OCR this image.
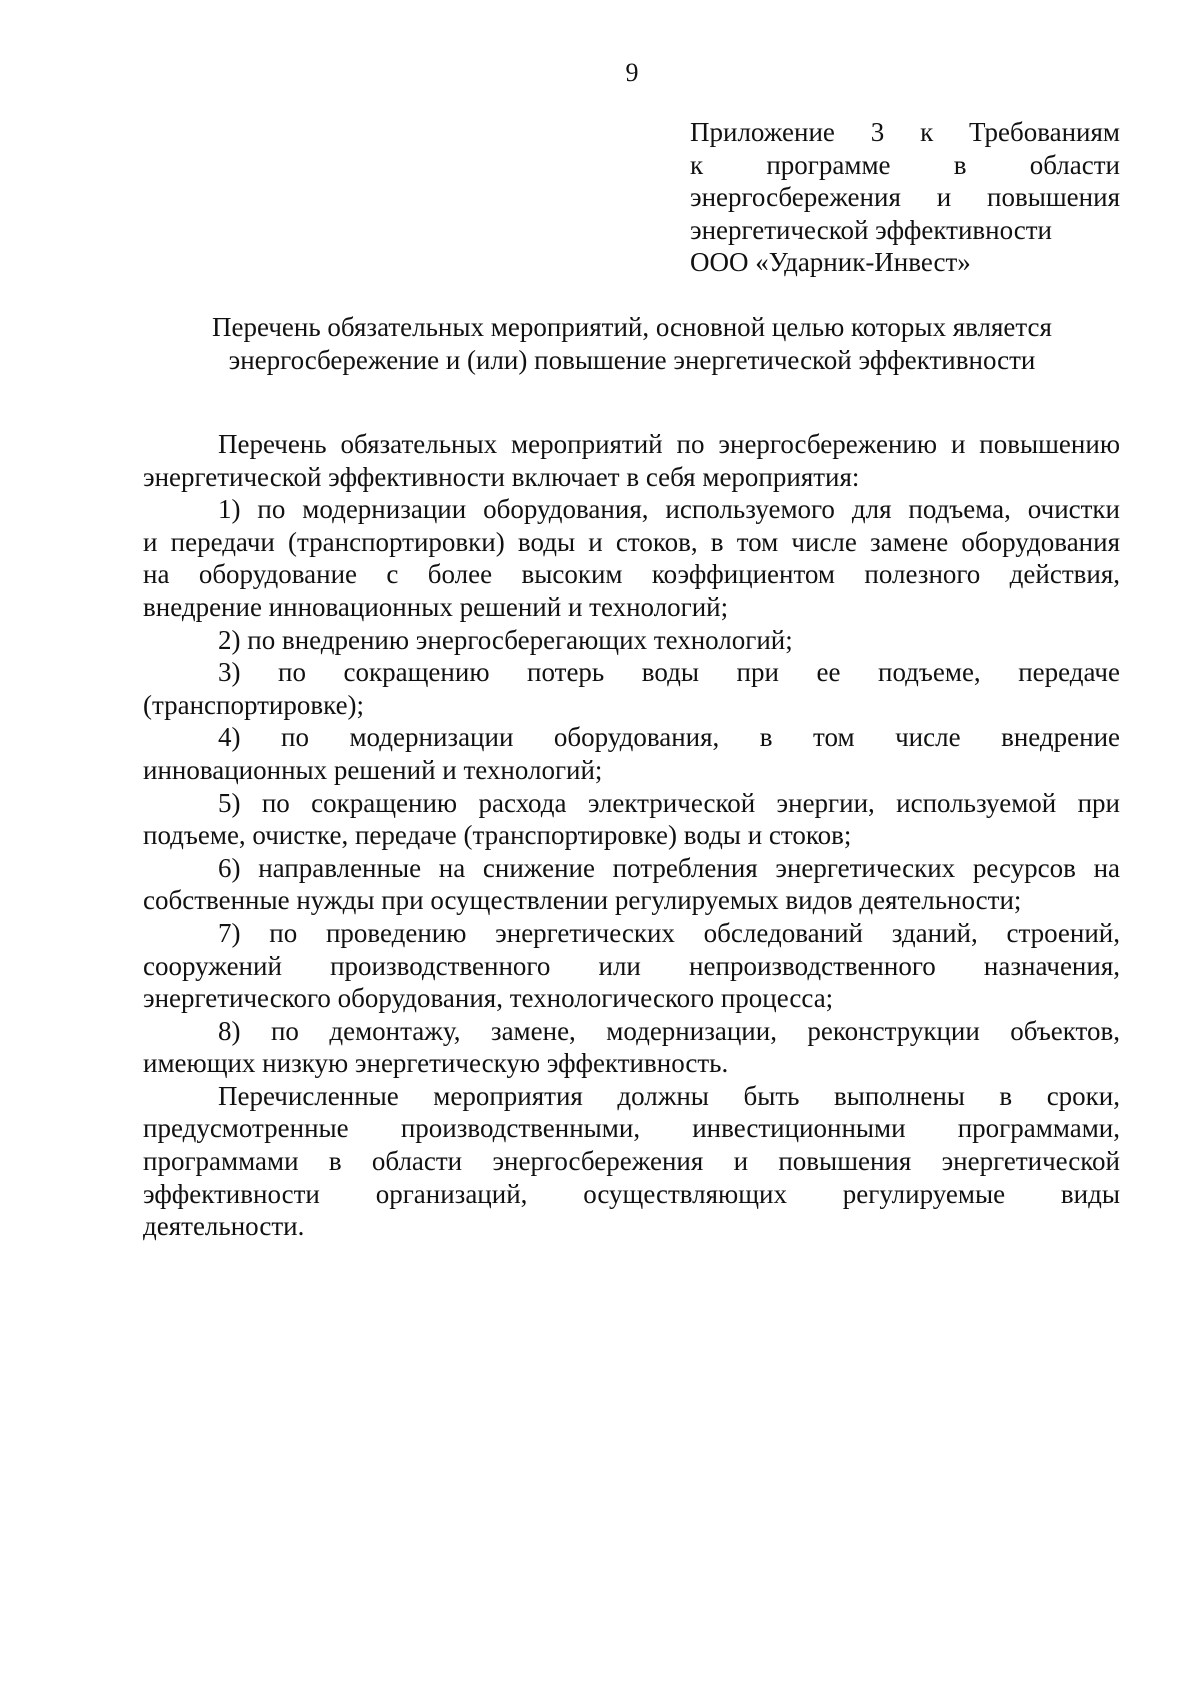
9
Приложение 3 к Требованиям
к программе в области
энергосбережения и повышения
энергетической эффективности
ООО «Ударник-Инвест»
Перечень обязательных мероприятий, основной целью которых является
энергосбережение и (или) повышение энергетической эффективности
Перечень обязательных мероприятий по энергосбережению и повышению
энергетической эффективности включает в себя мероприятия:
1) по модернизации оборудования, используемого для подъема, очистки
и передачи (транспортировки) воды и стоков, в том числе замене оборудования
на оборудование с более высоким коэффициентом полезного действия,
внедрение инновационных решений и технологий;
2) по внедрению энергосберегающих технологий;
3) по сокращению потерь воды при ее подъеме, передаче
(транспортировке);
4) по модернизации оборудования, в том числе внедрение
инновационных решений и технологий;
5) по сокращению расхода электрической энергии, используемой при
подъеме, очистке, передаче (транспортировке) воды и стоков;
6) направленные на снижение потребления энергетических ресурсов на
собственные нужды при осуществлении регулируемых видов деятельности;
7) по проведению энергетических обследований зданий, строений,
сооружений производственного или непроизводственного назначения,
энергетического оборудования, технологического процесса;
8) по демонтажу, замене, модернизации, реконструкции объектов,
имеющих низкую энергетическую эффективность.
Перечисленные мероприятия должны быть выполнены в сроки,
предусмотренные производственными, инвестиционными программами,
программами в области энергосбережения и повышения энергетической
эффективности организаций, осуществляющих регулируемые виды
деятельности.
